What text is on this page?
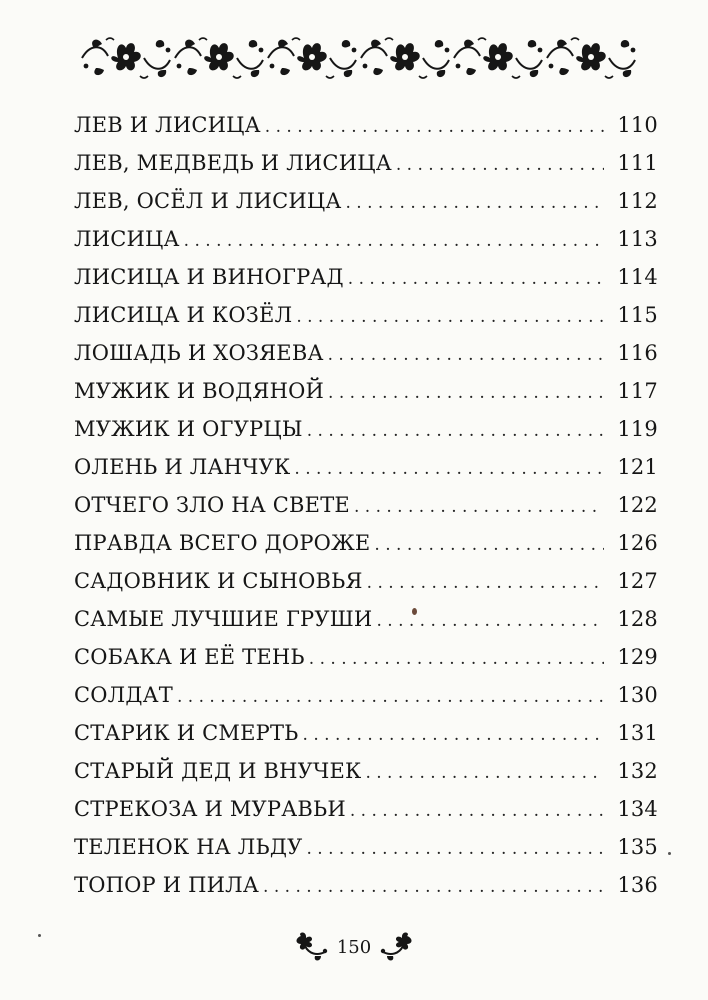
ЛЕВ И ЛИСИЦА . . .	110
ЛЕВ, МЕДВЕДЬ И ЛИСИЦА . . .	111
ЛЕВ, ОСЁЛ И ЛИСИЦА . . .	112
ЛИСИЦА . . .	113
ЛИСИЦА И ВИНОГРАД . . .	114
ЛИСИЦА И КОЗЁЛ . . .	115
ЛОШАДЬ И ХОЗЯЕВА . . .	116
МУЖИК И ВОДЯНОЙ . . .	117
МУЖИК И ОГУРЦЫ . . .	119
ОЛЕНЬ И ЛАНЧУК . . .	121
ОТЧЕГО ЗЛО НА СВЕТЕ . . .	122
ПРАВДА ВСЕГО ДОРОЖЕ . . .	126
САДОВНИК И СЫНОВЬЯ . . .	127
САМЫЕ ЛУЧШИЕ ГРУШИ . . .	128
СОБАКА И ЕЁ ТЕНЬ . . .	129
СОЛДАТ . . .	130
СТАРИК И СМЕРТЬ . . .	131
СТАРЫЙ ДЕД И ВНУЧЕК . . .	132
СТРЕКОЗА И МУРАВЬИ . . .	134
ТЕЛЕНОК НА ЛЬДУ . . .	135
ТОПОР И ПИЛА . . .	136
150
